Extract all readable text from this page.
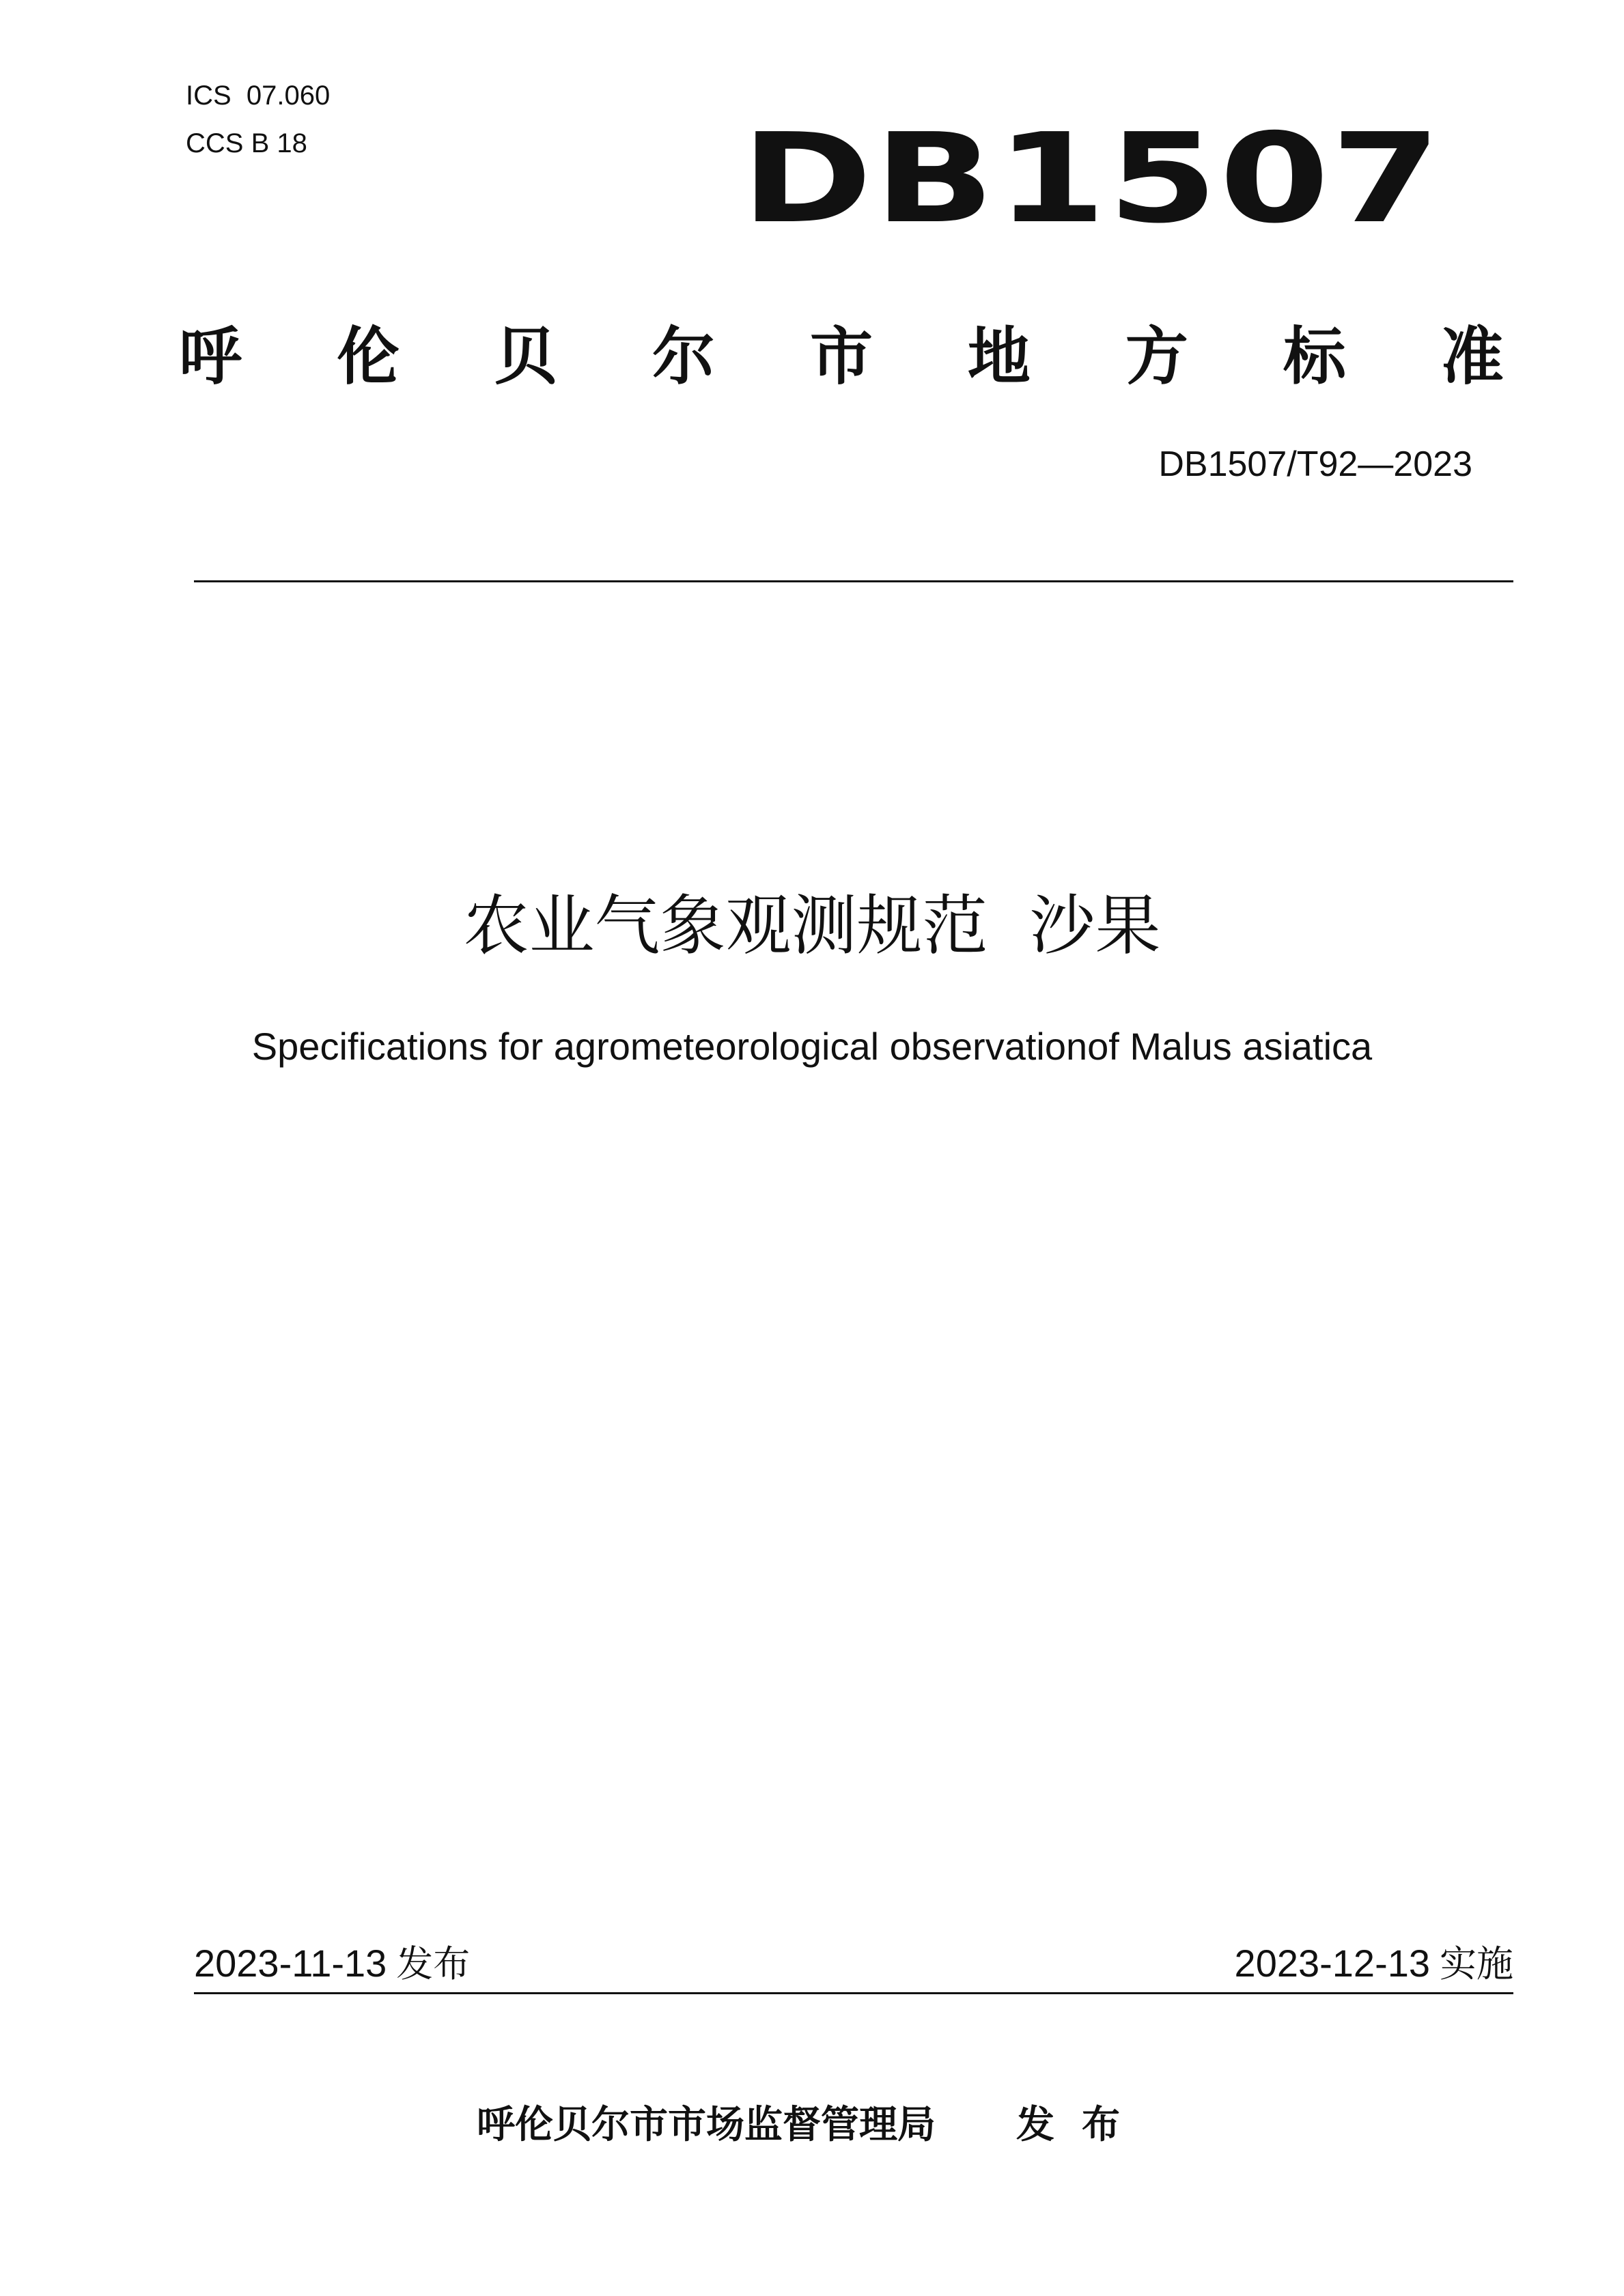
ICS  07.060
CCS B 18	DB1507
呼 伦 贝 尔 市 地 方 标 准
DB1507/T92—2023
农业气象观测规范  沙果
Specifications for agrometeorological observationof Malus asiatica
2023-11-13 发布	2023-12-13 实施
呼伦贝尔市市场监督管理局 发布
